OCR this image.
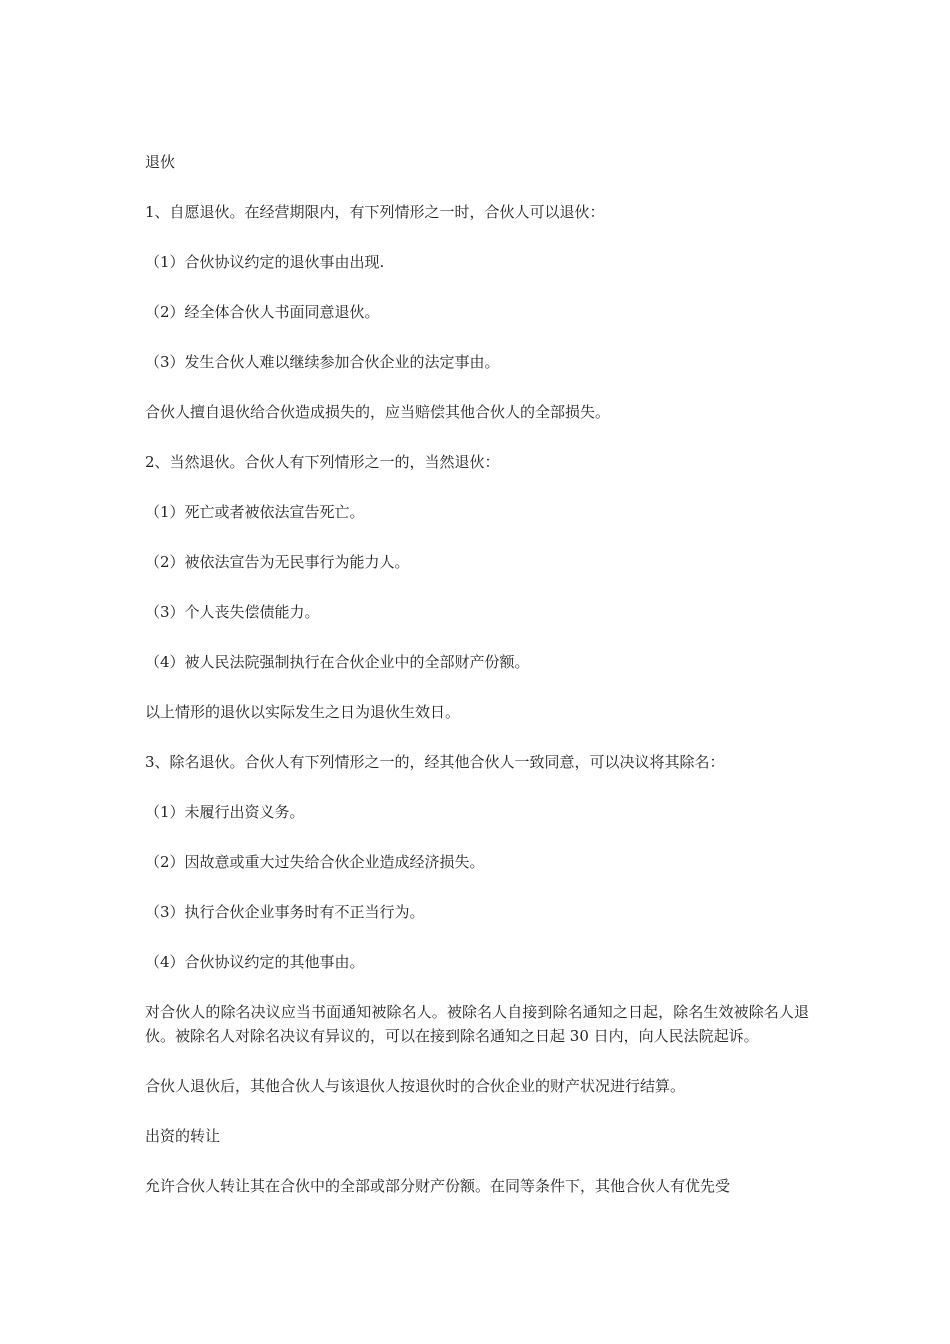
退伙

1、自愿退伙。在经营期限内，有下列情形之一时，合伙人可以退伙：

（1）合伙协议约定的退伙事由出现.

（2）经全体合伙人书面同意退伙。

（3）发生合伙人难以继续参加合伙企业的法定事由。

合伙人擅自退伙给合伙造成损失的，应当赔偿其他合伙人的全部损失。

2、当然退伙。合伙人有下列情形之一的，当然退伙：

（1）死亡或者被依法宣告死亡。

（2）被依法宣告为无民事行为能力人。

（3）个人丧失偿债能力。

（4）被人民法院强制执行在合伙企业中的全部财产份额。

以上情形的退伙以实际发生之日为退伙生效日。

3、除名退伙。合伙人有下列情形之一的，经其他合伙人一致同意，可以决议将其除名：

（1）未履行出资义务。

（2）因故意或重大过失给合伙企业造成经济损失。

（3）执行合伙企业事务时有不正当行为。

（4）合伙协议约定的其他事由。

对合伙人的除名决议应当书面通知被除名人。被除名人自接到除名通知之日起，除名生效被除名人退伙。被除名人对除名决议有异议的，可以在接到除名通知之日起 30 日内，向人民法院起诉。

合伙人退伙后，其他合伙人与该退伙人按退伙时的合伙企业的财产状况进行结算。

出资的转让

允许合伙人转让其在合伙中的全部或部分财产份额。在同等条件下，其他合伙人有优先受
